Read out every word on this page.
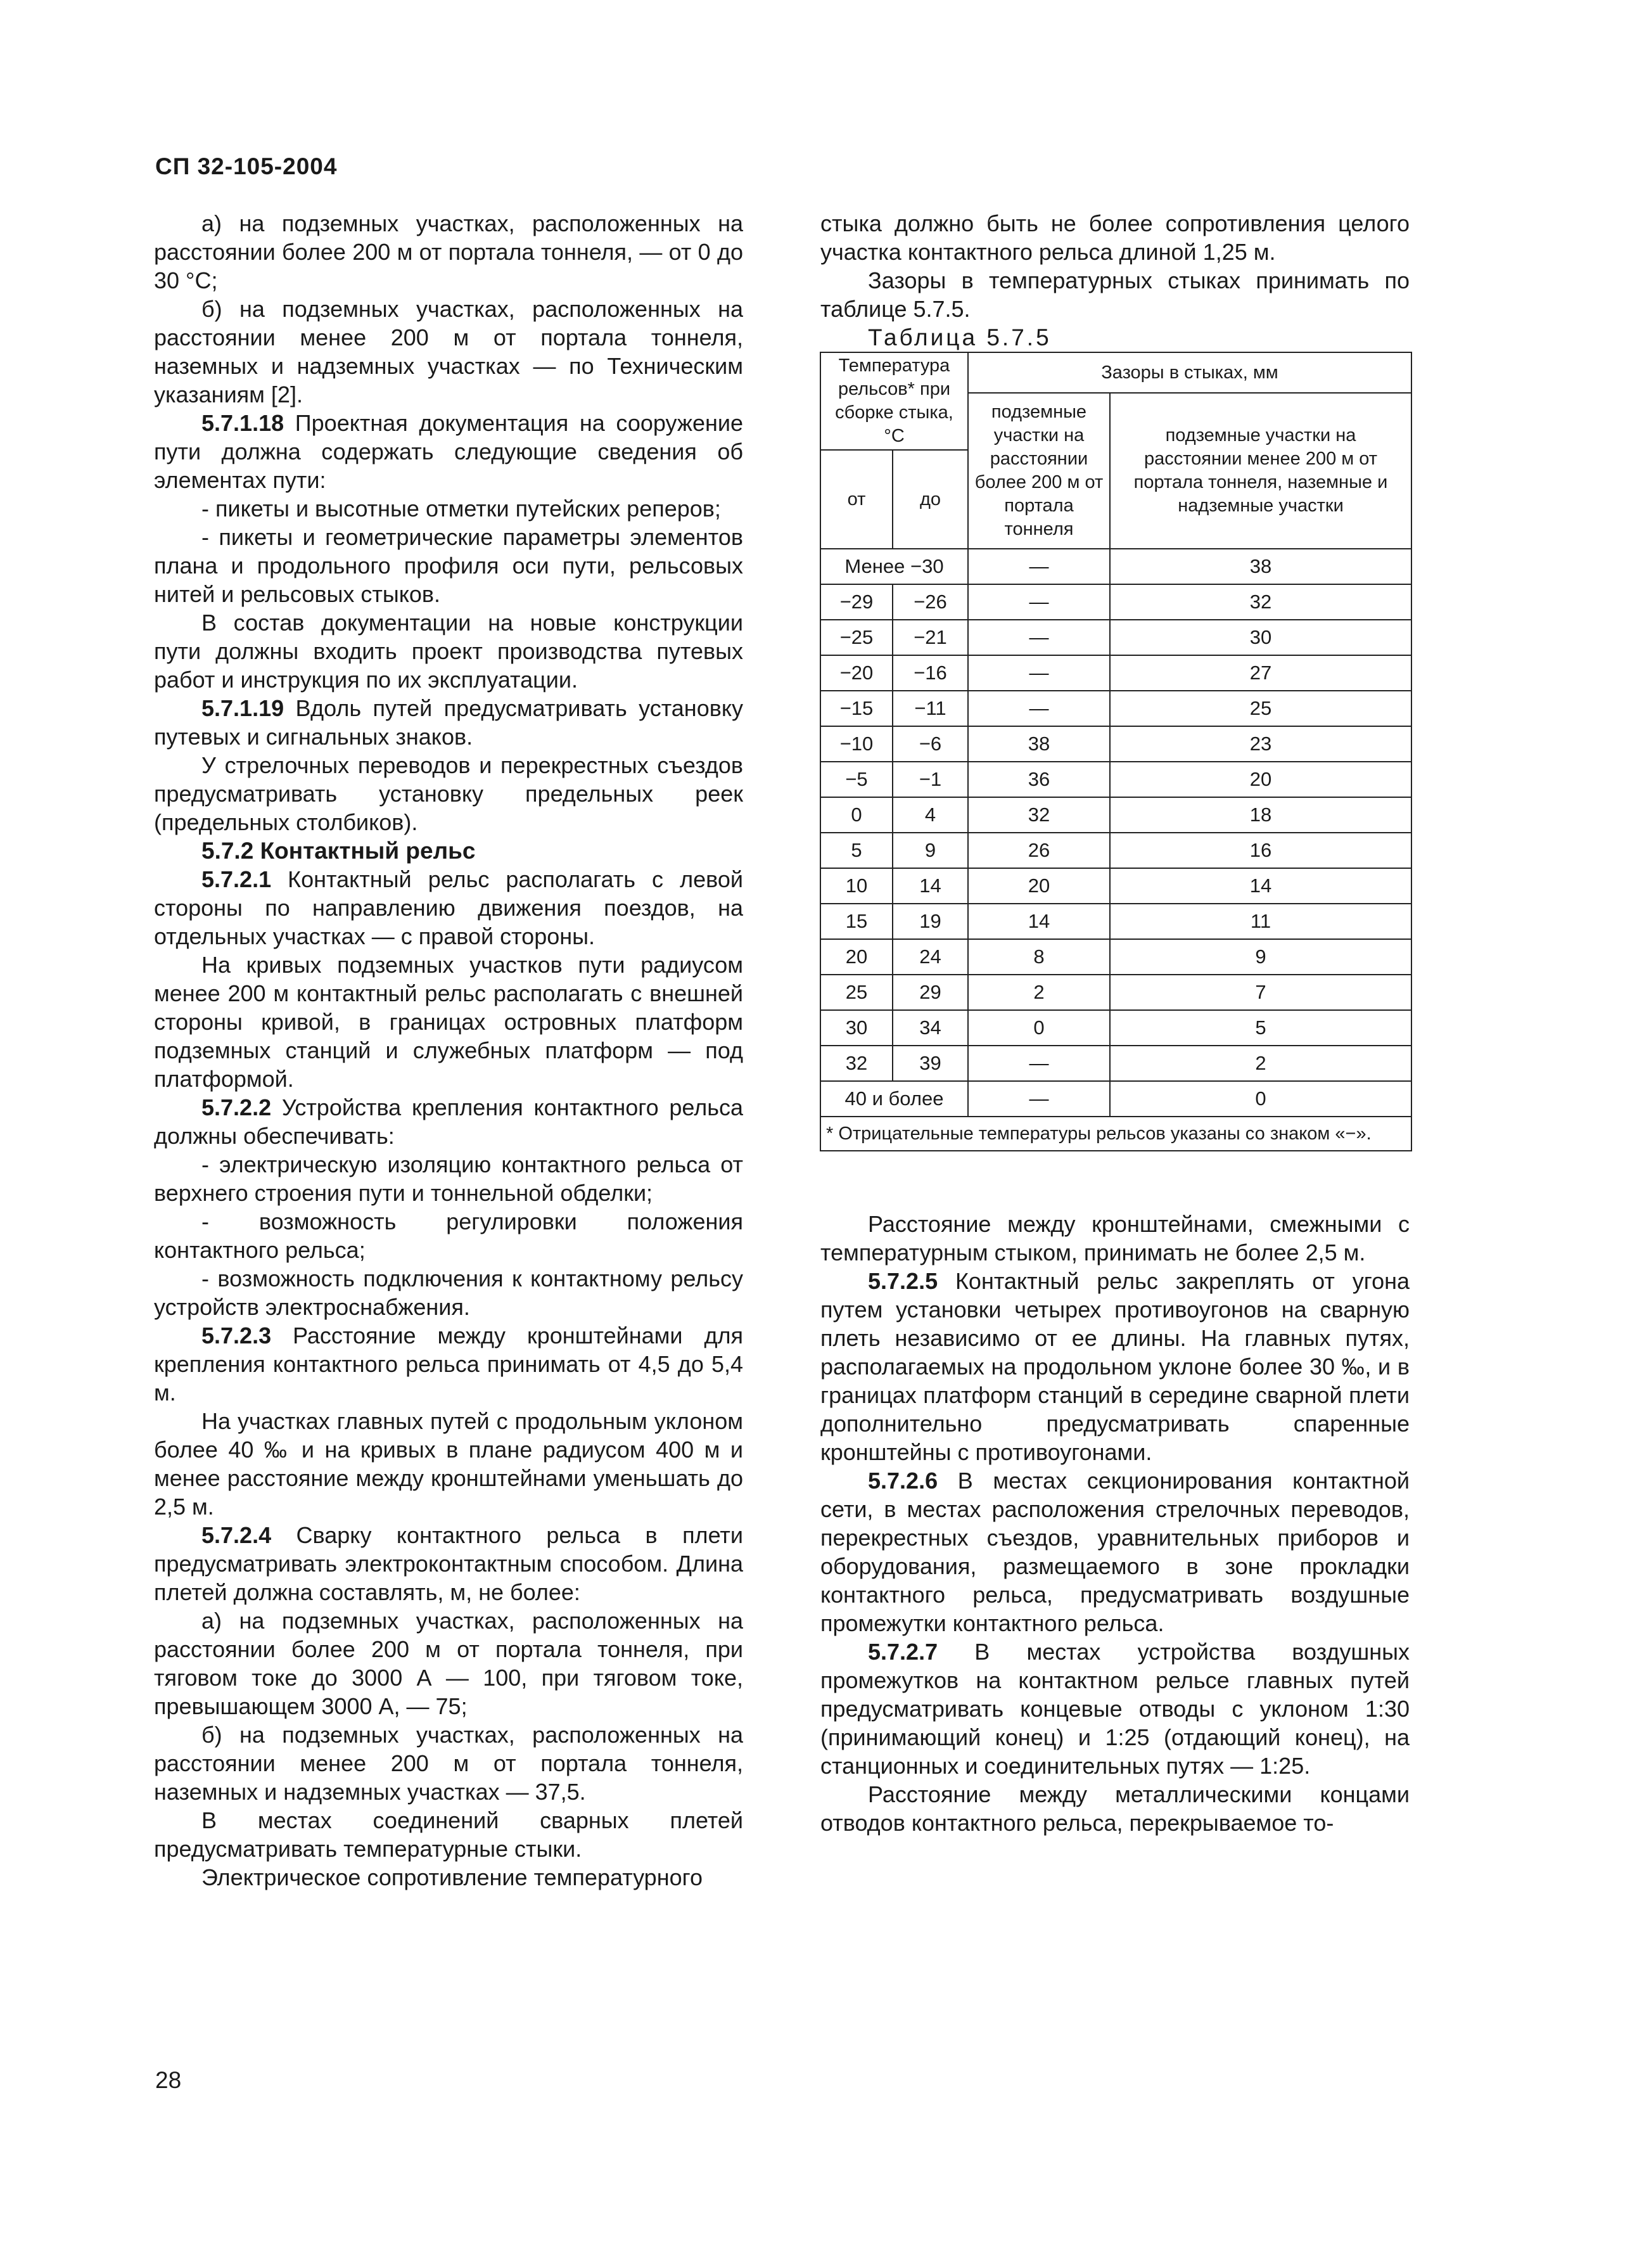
СП 32-105-2004

а) на подземных участках, расположенных на расстоянии более 200 м от портала тоннеля, — от 0 до 30 °С;

б) на подземных участках, расположенных на расстоянии менее 200 м от портала тоннеля, наземных и надземных участках — по Техническим указаниям [2].

5.7.1.18 Проектная документация на сооружение пути должна содержать следующие сведения об элементах пути:

- пикеты и высотные отметки путейских реперов;

- пикеты и геометрические параметры элементов плана и продольного профиля оси пути, рельсовых нитей и рельсовых стыков.

В состав документации на новые конструкции пути должны входить проект производства путевых работ и инструкция по их эксплуатации.

5.7.1.19 Вдоль путей предусматривать установку путевых и сигнальных знаков.

У стрелочных переводов и перекрестных съездов предусматривать установку предельных реек (предельных столбиков).

5.7.2 Контактный рельс

5.7.2.1 Контактный рельс располагать с левой стороны по направлению движения поездов, на отдельных участках — с правой стороны.

На кривых подземных участков пути радиусом менее 200 м контактный рельс располагать с внешней стороны кривой, в границах островных платформ подземных станций и служебных платформ — под платформой.

5.7.2.2 Устройства крепления контактного рельса должны обеспечивать:

- электрическую изоляцию контактного рельса от верхнего строения пути и тоннельной обделки;

- возможность регулировки положения контактного рельса;

- возможность подключения к контактному рельсу устройств электроснабжения.

5.7.2.3 Расстояние между кронштейнами для крепления контактного рельса принимать от 4,5 до 5,4 м.

На участках главных путей с продольным уклоном более 40 ‰ и на кривых в плане радиусом 400 м и менее расстояние между кронштейнами уменьшать до 2,5 м.

5.7.2.4 Сварку контактного рельса в плети предусматривать электроконтактным способом. Длина плетей должна составлять, м, не более:

а) на подземных участках, расположенных на расстоянии более 200 м от портала тоннеля, при тяговом токе до 3000 А — 100, при тяговом токе, превышающем 3000 А, — 75;

б) на подземных участках, расположенных на расстоянии менее 200 м от портала тоннеля, наземных и надземных участках — 37,5.

В местах соединений сварных плетей предусматривать температурные стыки.

Электрическое сопротивление температурного

стыка должно быть не более сопротивления целого участка контактного рельса длиной 1,25 м.

Зазоры в температурных стыках принимать по таблице 5.7.5.

Таблица 5.7.5

Температура рельсов* при сборке стыка, °С		Зазоры в стыках, мм	
		подземные участки на расстоянии более 200 м от портала тоннеля	подземные участки на расстоянии менее 200 м от портала тоннеля, наземные и надземные участки
от	до		
Менее −30		—	38
−29	−26	—	32
−25	−21	—	30
−20	−16	—	27
−15	−11	—	25
−10	−6	38	23
−5	−1	36	20
0	4	32	18
5	9	26	16
10	14	20	14
15	19	14	11
20	24	8	9
25	29	2	7
30	34	0	5
32	39	—	2
40 и более		—	0
* Отрицательные температуры рельсов указаны со знаком «−».			

Расстояние между кронштейнами, смежными с температурным стыком, принимать не более 2,5 м.

5.7.2.5 Контактный рельс закреплять от угона путем установки четырех противоугонов на сварную плеть независимо от ее длины. На главных путях, располагаемых на продольном уклоне более 30 ‰, и в границах платформ станций в середине сварной плети дополнительно предусматривать спаренные кронштейны с противоугонами.

5.7.2.6 В местах секционирования контактной сети, в местах расположения стрелочных переводов, перекрестных съездов, уравнительных приборов и оборудования, размещаемого в зоне прокладки контактного рельса, предусматривать воздушные промежутки контактного рельса.

5.7.2.7 В местах устройства воздушных промежутков на контактном рельсе главных путей предусматривать концевые отводы с уклоном 1:30 (принимающий конец) и 1:25 (отдающий конец), на станционных и соединительных путях — 1:25.

Расстояние между металлическими концами отводов контактного рельса, перекрываемое то-

28
